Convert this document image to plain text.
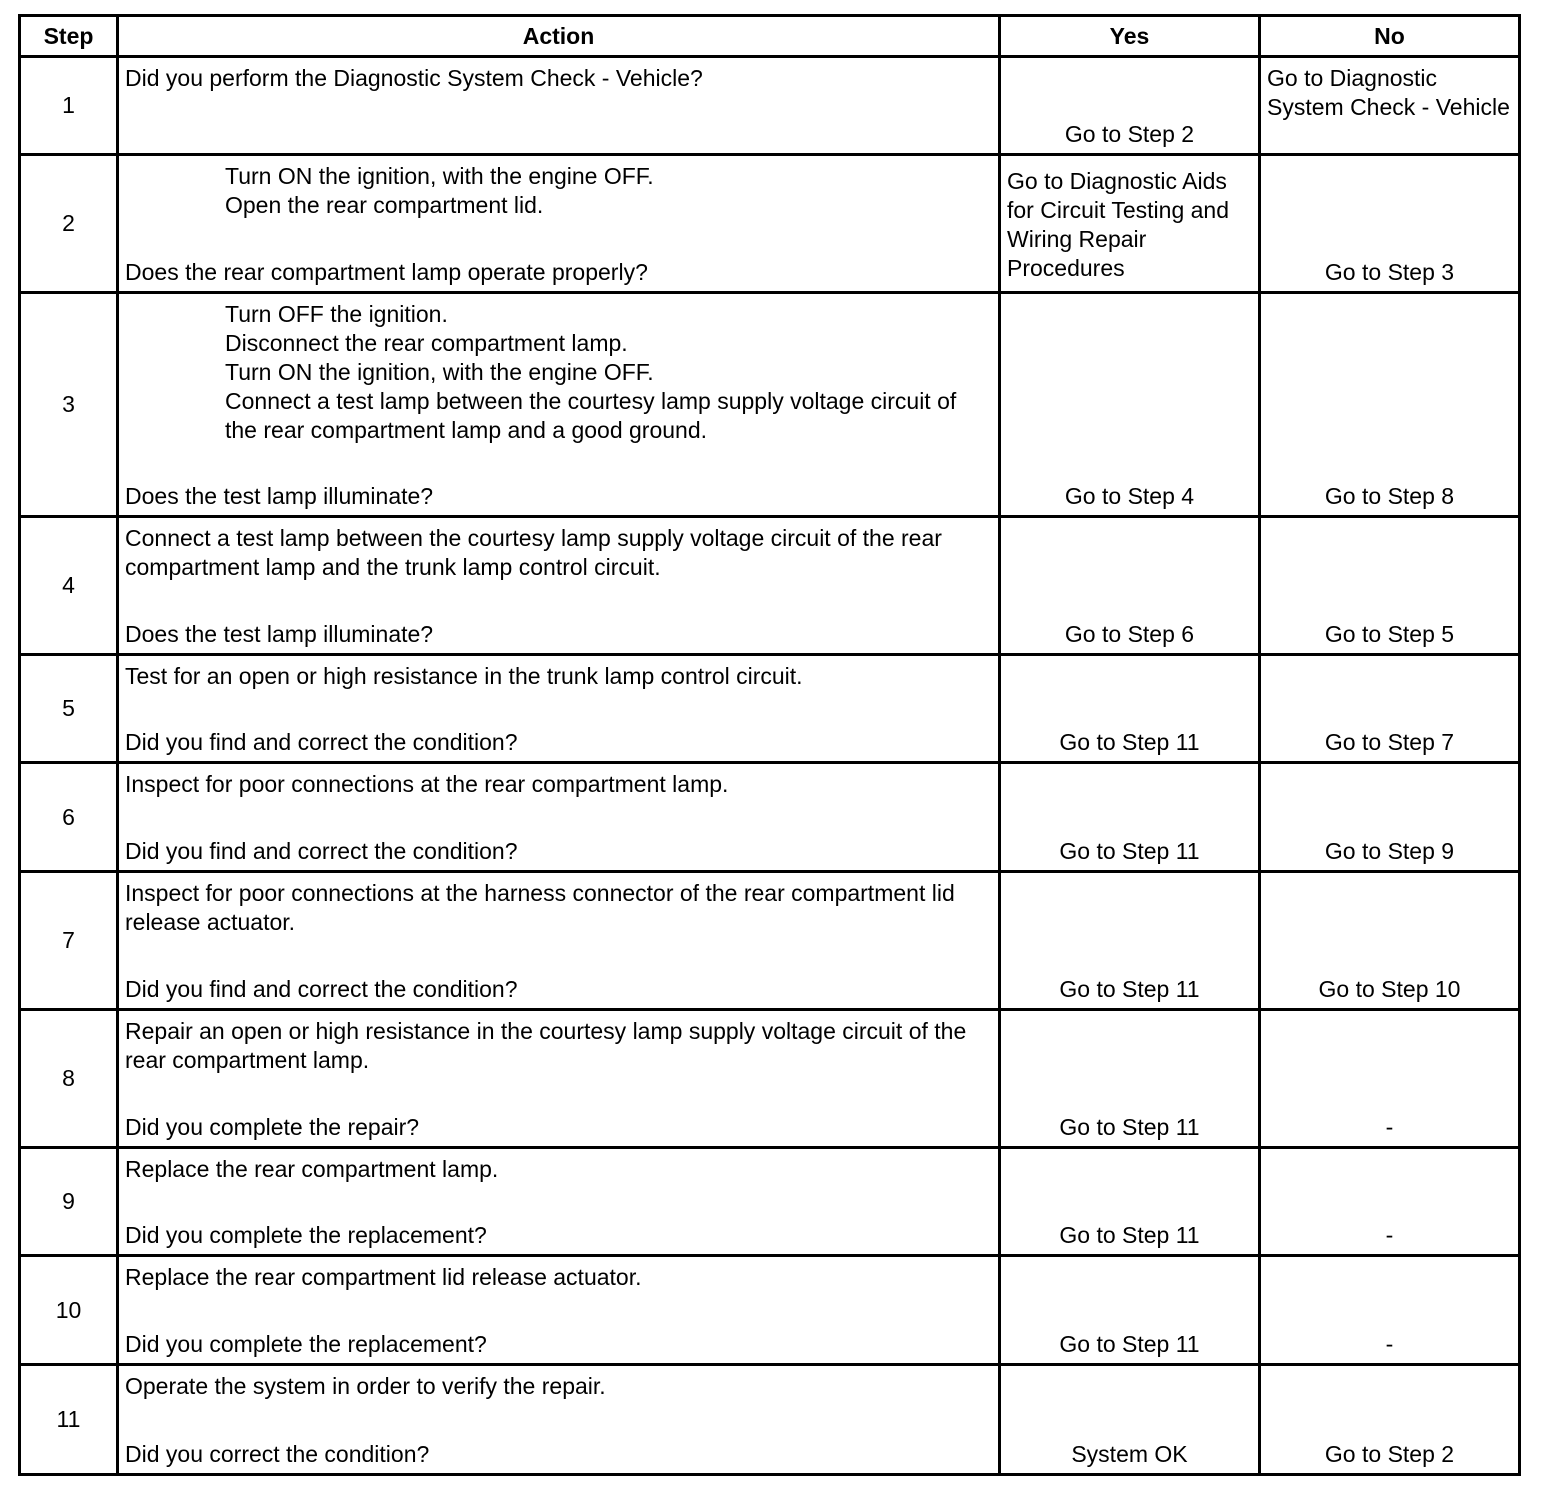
Step	Action	Yes	No
1	Did you perform the Diagnostic System Check - Vehicle?	Go to Step 2	Go to Diagnostic System Check - Vehicle

2	Turn ON the ignition, with the engine OFF.
Open the rear compartment lid.
Does the rear compartment lamp operate properly?	Go to Diagnostic Aids for Circuit Testing and Wiring Repair Procedures	Go to Step 3

3	Turn OFF the ignition.
Disconnect the rear compartment lamp.
Turn ON the ignition, with the engine OFF.
Connect a test lamp between the courtesy lamp supply voltage circuit of the rear compartment lamp and a good ground.
Does the test lamp illuminate?	Go to Step 4	Go to Step 8

4	Connect a test lamp between the courtesy lamp supply voltage circuit of the rear compartment lamp and the trunk lamp control circuit.
Does the test lamp illuminate?	Go to Step 6	Go to Step 5

5	Test for an open or high resistance in the trunk lamp control circuit.
Did you find and correct the condition?	Go to Step 11	Go to Step 7

6	Inspect for poor connections at the rear compartment lamp.
Did you find and correct the condition?	Go to Step 11	Go to Step 9

7	Inspect for poor connections at the harness connector of the rear compartment lid release actuator.
Did you find and correct the condition?	Go to Step 11	Go to Step 10

8	Repair an open or high resistance in the courtesy lamp supply voltage circuit of the rear compartment lamp.
Did you complete the repair?	Go to Step 11	-

9	Replace the rear compartment lamp.
Did you complete the replacement?	Go to Step 11	-

10	Replace the rear compartment lid release actuator.
Did you complete the replacement?	Go to Step 11	-

11	Operate the system in order to verify the repair.
Did you correct the condition?	System OK	Go to Step 2
